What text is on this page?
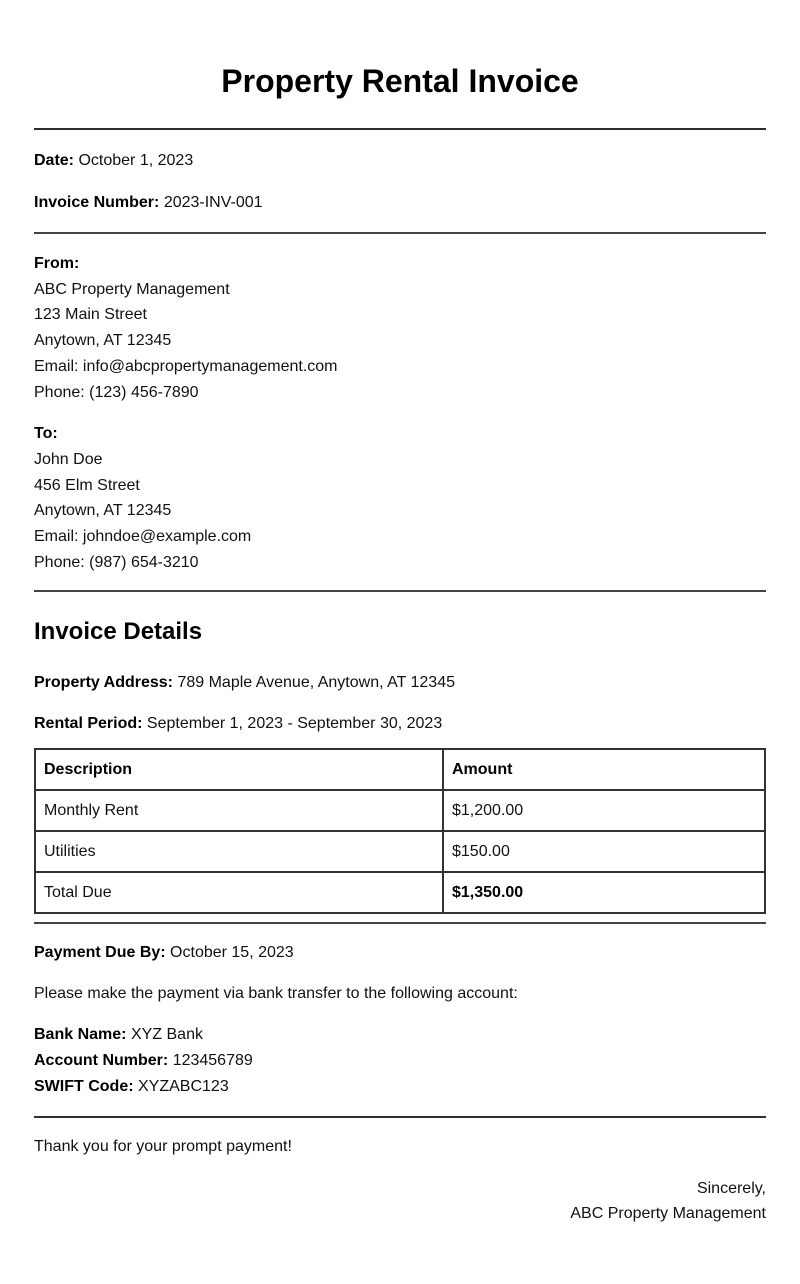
Property Rental Invoice
Date: October 1, 2023
Invoice Number: 2023-INV-001
From:
ABC Property Management
123 Main Street
Anytown, AT 12345
Email: info@abcpropertymanagement.com
Phone: (123) 456-7890
To:
John Doe
456 Elm Street
Anytown, AT 12345
Email: johndoe@example.com
Phone: (987) 654-3210
Invoice Details
Property Address: 789 Maple Avenue, Anytown, AT 12345
Rental Period: September 1, 2023 - September 30, 2023
Description	Amount
Monthly Rent	$1,200.00
Utilities	$150.00
Total Due	$1,350.00
Payment Due By: October 15, 2023
Please make the payment via bank transfer to the following account:
Bank Name: XYZ Bank
Account Number: 123456789
SWIFT Code: XYZABC123
Thank you for your prompt payment!
Sincerely,
ABC Property Management
